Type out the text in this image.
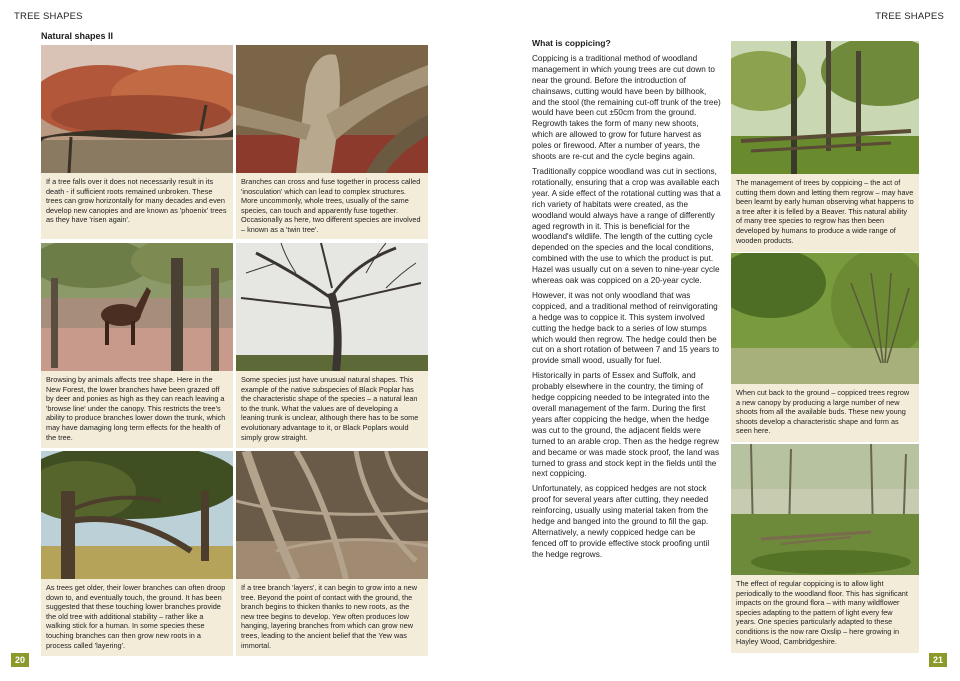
TREE SHAPES	TREE SHAPES
Natural shapes II
If a tree falls over it does not necessarily result in its death - if sufficient roots remained unbroken. These trees can grow horizontally for many decades and even develop new canopies and are known as 'phoenix' trees as they have 'risen again'.
Branches can cross and fuse together in process called 'inosculation' which can lead to complex structures. More uncommonly, whole trees, usually of the same species, can touch and apparently fuse together. Occasionally as here, two different species are involved – known as a 'twin tree'.
Browsing by animals affects tree shape. Here in the New Forest, the lower branches have been grazed off by deer and ponies as high as they can reach leaving a 'browse line' under the canopy. This restricts the tree's ability to produce branches lower down the trunk, which may have damaging long term effects for the health of the tree.
Some species just have unusual natural shapes. This example of the native subspecies of Black Poplar has the characteristic shape of the species – a natural lean to the trunk. What the values are of developing a leaning trunk is unclear, although there has to be some evolutionary advantage to it, or Black Poplars would simply grow straight.
As trees get older, their lower branches can often droop down to, and eventually touch, the ground. It has been suggested that these touching lower branches provide the old tree with additional stability – rather like a walking stick for a human. In some species these touching branches can then grow new roots in a process called 'layering'.
If a tree branch 'layers', it can begin to grow into a new tree. Beyond the point of contact with the ground, the branch begins to thicken thanks to new roots, as the new tree begins to develop. Yew often produces low hanging, layering branches from which can grow new trees, leading to the ancient belief that the Yew was immortal.
20
What is coppicing?

Coppicing is a traditional method of woodland management in which young trees are cut down to near the ground. Before the introduction of chainsaws, cutting would have been by billhook, and the stool (the remaining cut-off trunk of the tree) would have been cut ±50cm from the ground. Regrowth takes the form of many new shoots, which are allowed to grow for future harvest as poles or firewood. After a number of years, the shoots are re-cut and the cycle begins again.

Traditionally coppice woodland was cut in sections, rotationally, ensuring that a crop was available each year. A side effect of the rotational cutting was that a rich variety of habitats were created, as the woodland would always have a range of differently aged regrowth in it. This is beneficial for the woodland's wildlife. The length of the cutting cycle depended on the species and the local conditions, combined with the use to which the product is put. Hazel was usually cut on a seven to nine-year cycle whereas oak was coppiced on a 20-year cycle.

However, it was not only woodland that was coppiced, and a traditional method of reinvigorating a hedge was to coppice it. This system involved cutting the hedge back to a series of low stumps which would then regrow. The hedge could then be cut on a short rotation of between 7 and 15 years to provide small wood, usually for fuel.

Historically in parts of Essex and Suffolk, and probably elsewhere in the country, the timing of hedge coppicing needed to be integrated into the overall management of the farm. During the first years after coppicing the hedge, when the hedge was cut to the ground, the adjacent fields were turned to an arable crop. Then as the hedge regrew and became or was made stock proof, the land was turned to grass and stock kept in the fields until the next coppicing.

Unfortunately, as coppiced hedges are not stock proof for several years after cutting, they needed reinforcing, usually using material taken from the hedge and banged into the ground to fill the gap. Alternatively, a newly coppiced hedge can be fenced off to provide effective stock proofing until the hedge regrows.

The management of trees by coppicing – the act of cutting them down and letting them regrow – may have been learnt by early human observing what happens to a tree after it is felled by a Beaver. This natural ability of many tree species to regrow has then been developed by humans to produce a wide range of wooden products.
When cut back to the ground – coppiced trees regrow a new canopy by producing a large number of new shoots from all the available buds. These new young shoots develop a characteristic shape and form as seen here.
The effect of regular coppicing is to allow light periodically to the woodland floor. This has significant impacts on the ground flora – with many wildflower species adapting to the pattern of light every few years. One species particularly adapted to these conditions is the now rare Oxslip – here growing in Hayley Wood, Cambridgeshire.
21
